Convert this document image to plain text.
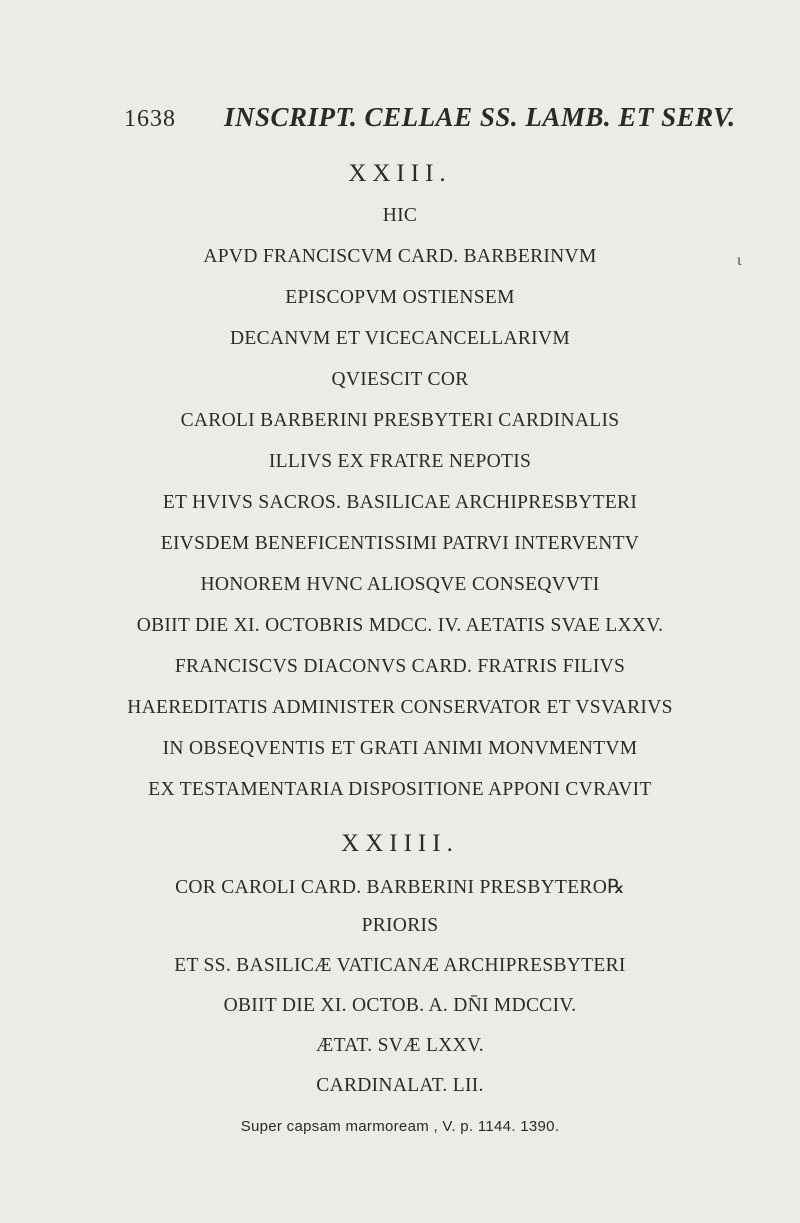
1638 INSCRIPT. CELLAE SS. LAMB. ET SERV.
XXIII.
HIC
APVD FRANCISCVM CARD. BARBERINVM
EPISCOPVM OSTIENSEM
DECANVM ET VICECANCELLARIVM
QVIESCIT COR
CAROLI BARBERINI PRESBYTERI CARDINALIS
ILLIVS EX FRATRE NEPOTIS
ET HVIVS SACROS. BASILICAE ARCHIPRESBYTERI
EIVSDEM BENEFICENTISSIMI PATRVI INTERVENTV
HONOREM HVNC ALIOSQVE CONSEQVVTI
OBIIT DIE XI. OCTOBRIS MDCC. IV. AETATIS SVAE LXXV.
FRANCISCVS DIACONVS CARD. FRATRIS FILIVS
HAEREDITATIS ADMINISTER CONSERVATOR ET VSVARIVS
IN OBSEQVENTIS ET GRATI ANIMI MONVMENTVM
EX TESTAMENTARIA DISPOSITIONE APPONI CVRAVIT
XXIIII.
COR CAROLI CARD. BARBERINI PRESBYTERO℞
PRIORIS
ET SS. BASILICÆ VATICANÆ ARCHIPRESBYTERI
OBIIT DIE XI. OCTOB. A. DN̄I MDCCIV.
ÆTAT. SVÆ LXXV.
CARDINALAT. LII.
Super capsam marmoream , V. p. 1144. 1390.
ɩ
